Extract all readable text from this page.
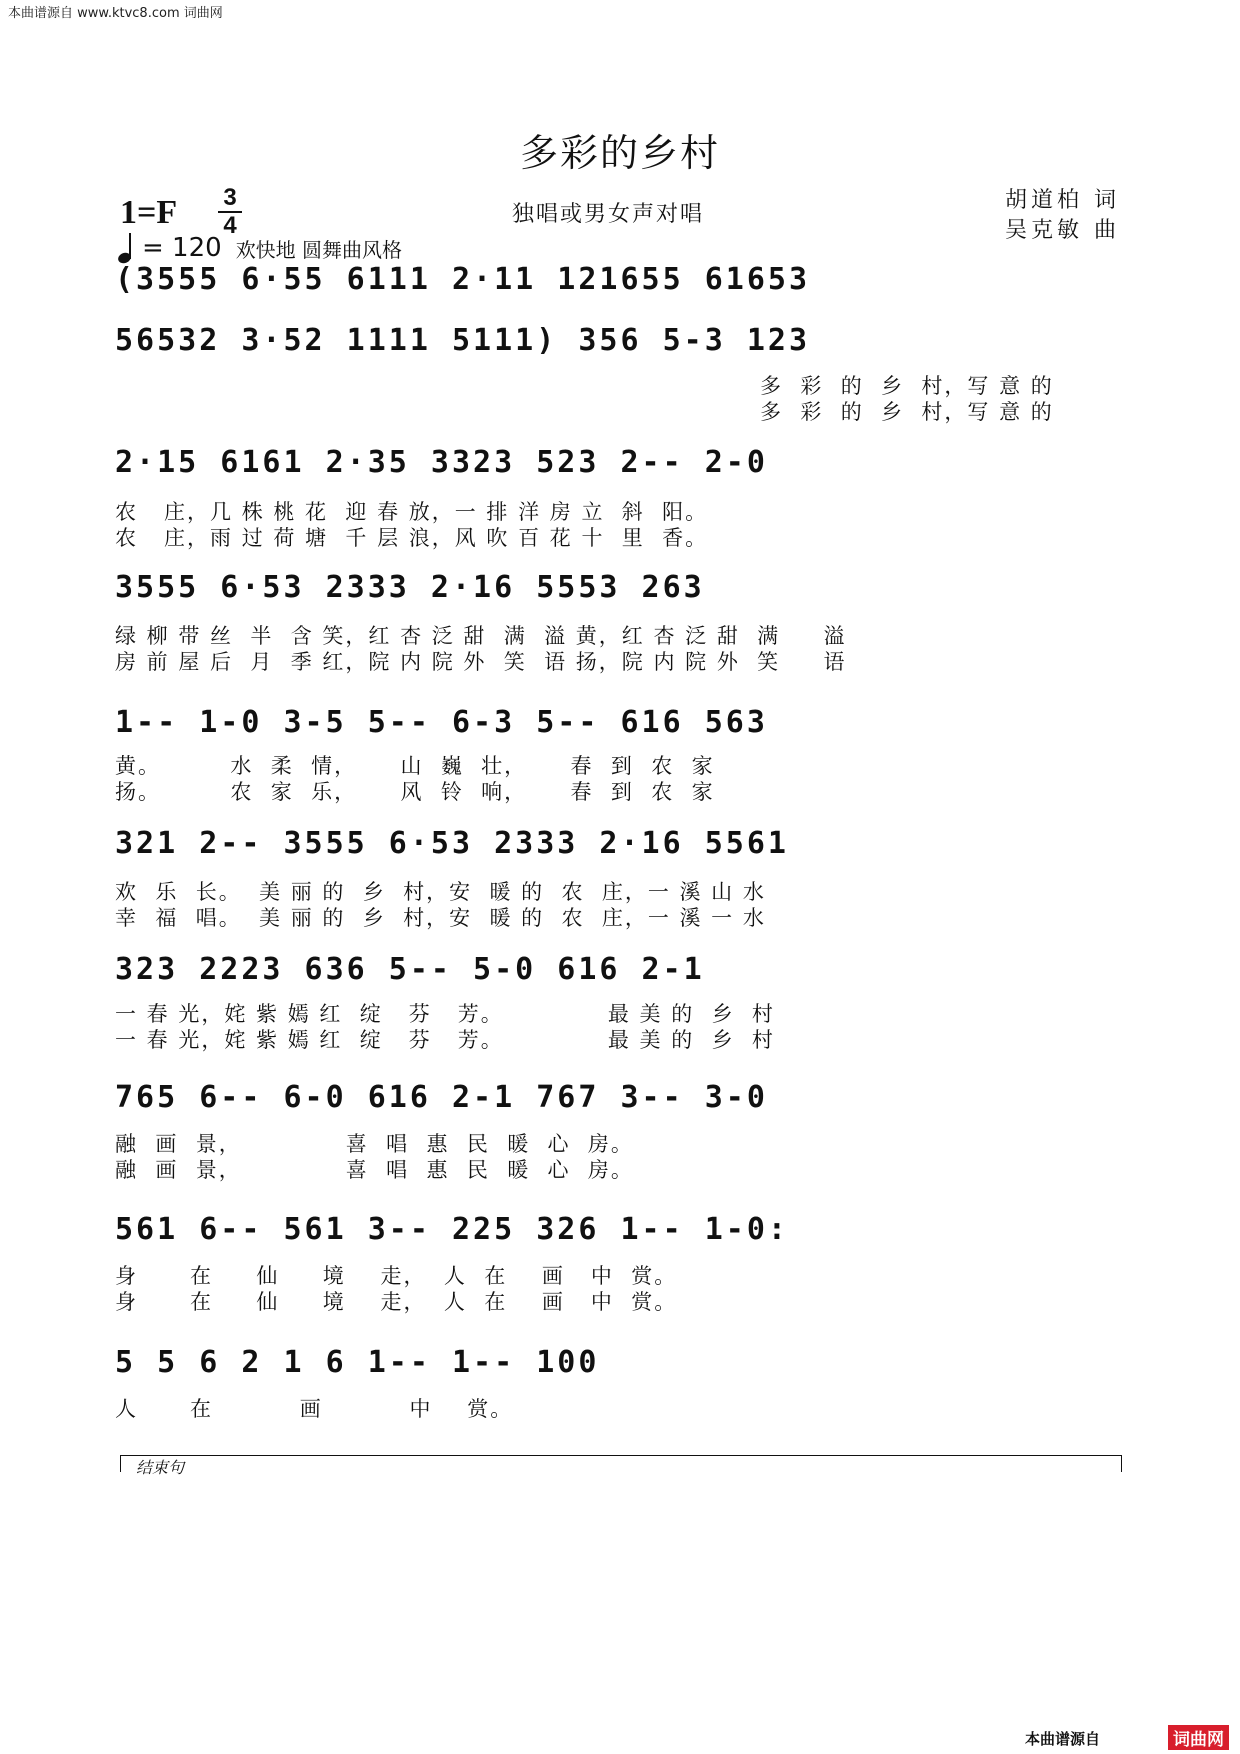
本曲谱源自 www.ktvc8.com 词曲网
多彩的乡村
独唱或男女声对唱
胡道柏 词
吴克敏 曲
1=F 3
4
= 120 欢快地 圆舞曲风格
(3555 6·55 6111 2·11 121655 61653
56532 3·52 1111 5111) 356 5-3 123
多  彩  的  乡  村，写 意 的
多  彩  的  乡  村，写 意 的
2·15 6161 2·35 3323 523 2-- 2-0
农   庄，几 株 桃 花  迎 春 放，一 排 洋 房 立  斜  阳。
农   庄，雨 过 荷 塘  千 层 浪，风 吹 百 花 十  里  香。
3555 6·53 2333 2·16 5553 263
绿 柳 带 丝  半  含 笑，红 杏 泛 甜  满  溢 黄，红 杏 泛 甜  满     溢
房 前 屋 后  月  季 红，院 内 院 外  笑  语 扬，院 内 院 外  笑     语
1-- 1-0 3-5 5-- 6-3 5-- 616 563
黄。        水  柔  情，     山  巍  壮，     春  到  农  家
扬。        农  家  乐，     风  铃  响，     春  到  农  家
321 2-- 3555 6·53 2333 2·16 5561
欢  乐  长。  美 丽 的  乡  村，安  暖 的  农  庄，一 溪 山 水
幸  福  唱。  美 丽 的  乡  村，安  暖 的  农  庄，一 溪 一 水
323 2223 636 5-- 5-0 616 2-1
一 春 光，姹 紫 嫣 红  绽   芬   芳。            最 美 的  乡  村
一 春 光，姹 紫 嫣 红  绽   芬   芳。            最 美 的  乡  村
765 6-- 6-0 616 2-1 767 3-- 3-0
融  画  景，            喜  唱  惠  民  暖  心  房。
融  画  景，            喜  唱  惠  民  暖  心  房。
561 6-- 561 3-- 225 326 1-- 1-0:
身      在     仙     境    走，  人  在    画   中  赏。
身      在     仙     境    走，  人  在    画   中  赏。
结束句
5 5 6 2 1 6 1-- 1-- 100
人      在          画          中    赏。
本曲谱源自	词曲网
